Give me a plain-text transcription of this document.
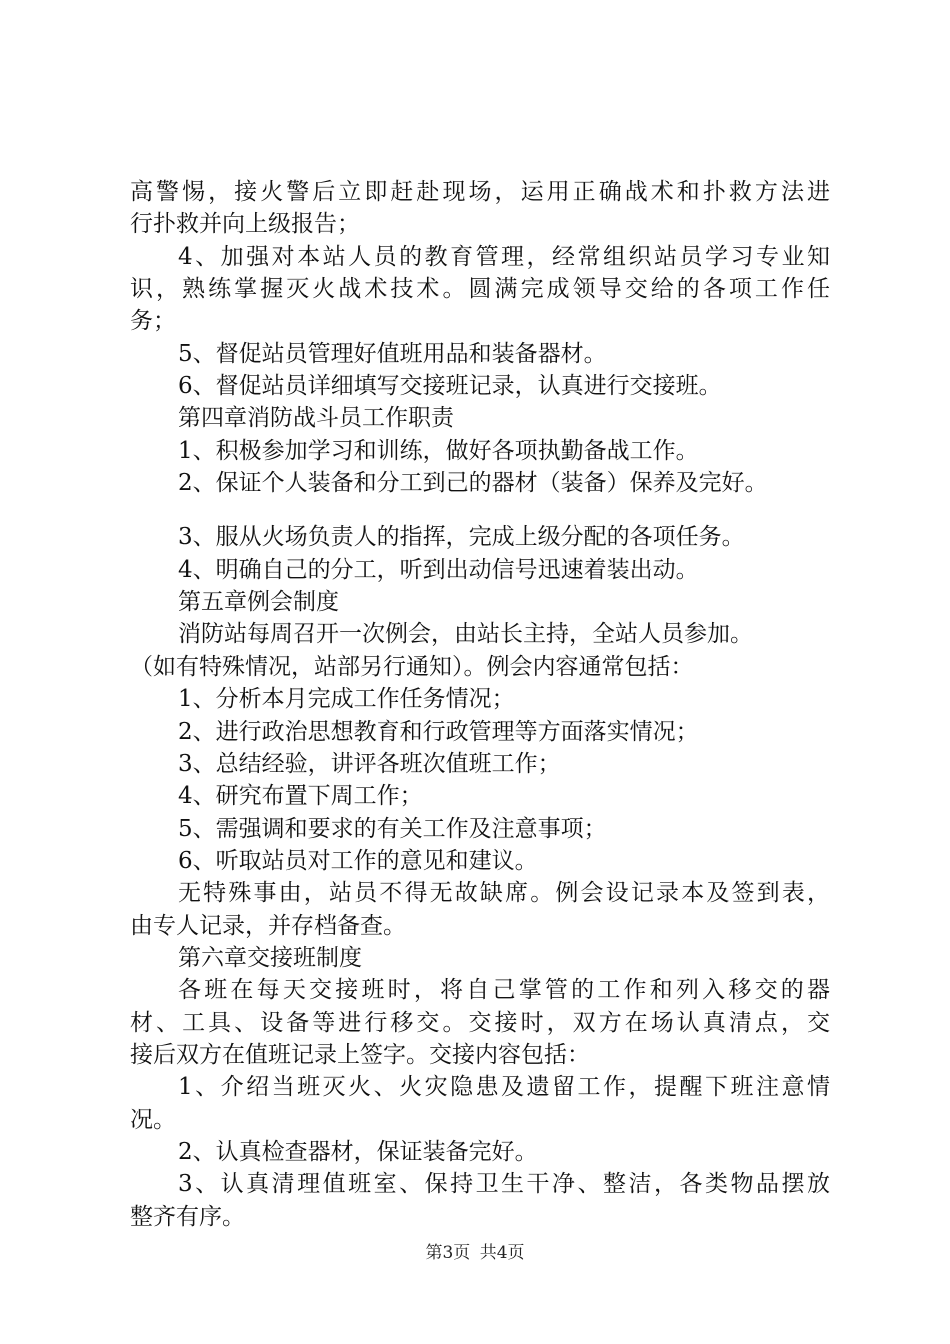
高警惕，接火警后立即赶赴现场，运用正确战术和扑救方法进
行扑救并向上级报告；
4、加强对本站人员的教育管理，经常组织站员学习专业知
识，熟练掌握灭火战术技术。圆满完成领导交给的各项工作任
务；
5、督促站员管理好值班用品和装备器材。
6、督促站员详细填写交接班记录，认真进行交接班。
第四章消防战斗员工作职责
1、积极参加学习和训练，做好各项执勤备战工作。
2、保证个人装备和分工到己的器材（装备）保养及完好。
3、服从火场负责人的指挥，完成上级分配的各项任务。
4、明确自己的分工，听到出动信号迅速着装出动。
第五章例会制度
消防站每周召开一次例会，由站长主持，全站人员参加。
（如有特殊情况，站部另行通知）。例会内容通常包括：
1、分析本月完成工作任务情况；
2、进行政治思想教育和行政管理等方面落实情况；
3、总结经验，讲评各班次值班工作；
4、研究布置下周工作；
5、需强调和要求的有关工作及注意事项；
6、听取站员对工作的意见和建议。
无特殊事由，站员不得无故缺席。例会设记录本及签到表，
由专人记录，并存档备查。
第六章交接班制度
各班在每天交接班时，将自己掌管的工作和列入移交的器
材、工具、设备等进行移交。交接时，双方在场认真清点，交
接后双方在值班记录上签字。交接内容包括：
1、介绍当班灭火、火灾隐患及遗留工作，提醒下班注意情
况。
2、认真检查器材，保证装备完好。
3、认真清理值班室、保持卫生干净、整洁，各类物品摆放
整齐有序。
第3页 共4页
